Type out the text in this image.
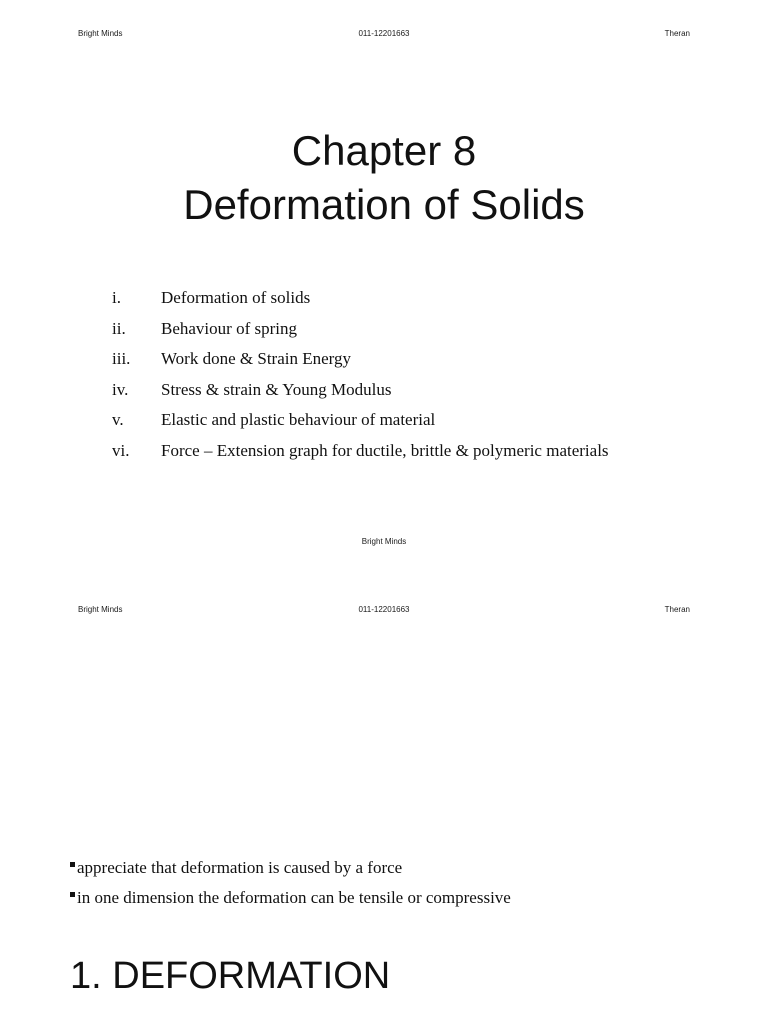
Bright Minds	011-12201663	Theran
Chapter 8
Deformation of Solids
i.	Deformation of solids
ii.	Behaviour of spring
iii.	Work done & Strain Energy
iv.	Stress & strain & Young Modulus
v.	Elastic and plastic behaviour of material
vi.	Force – Extension graph for ductile, brittle & polymeric materials
Bright Minds
Bright Minds	011-12201663	Theran
appreciate that deformation is caused by a force
in one dimension the deformation can be tensile or compressive
1. DEFORMATION
